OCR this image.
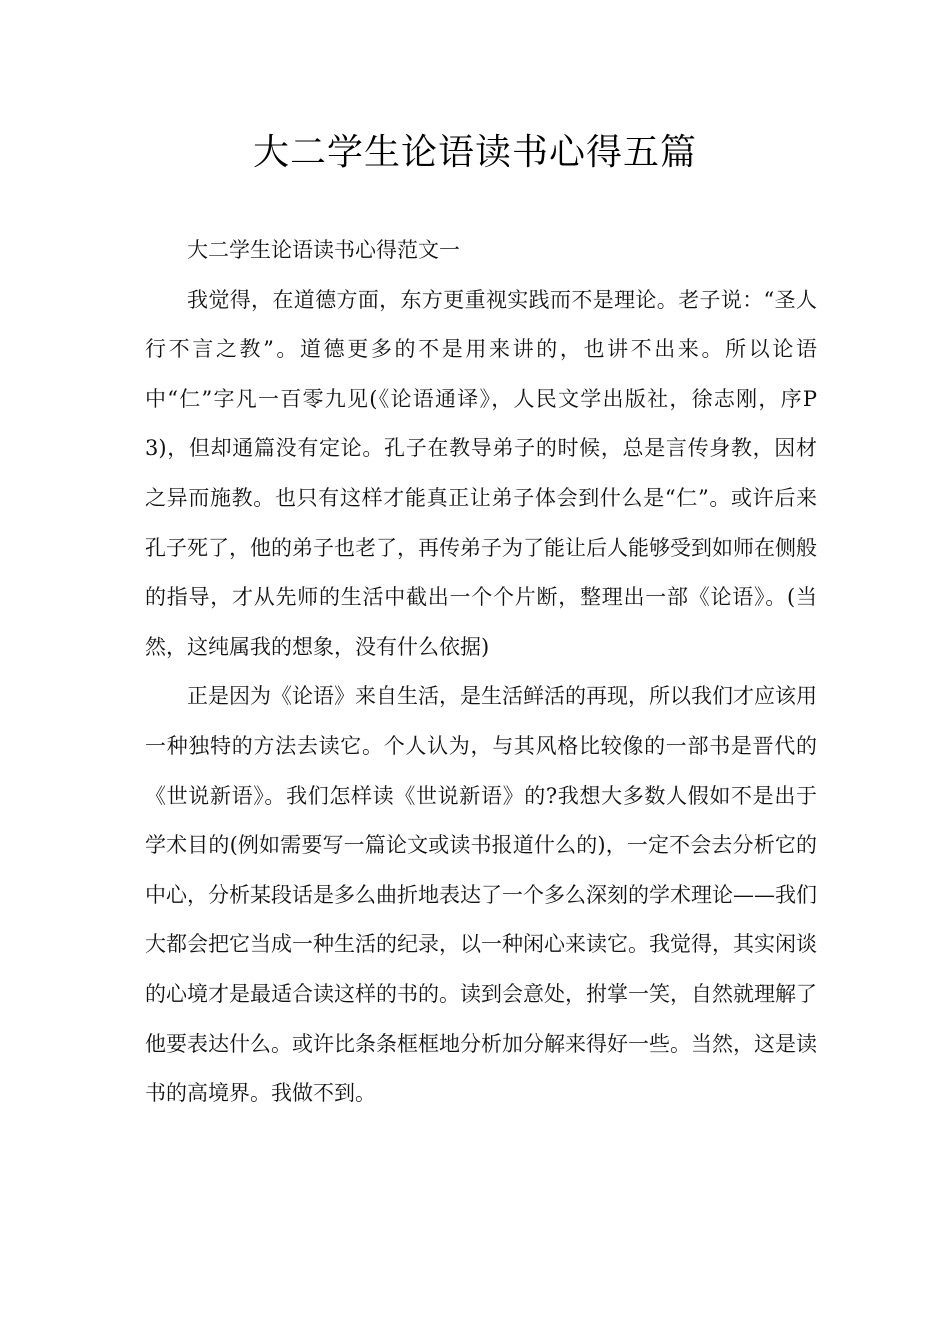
大二学生论语读书心得五篇

大二学生论语读书心得范文一

我觉得，在道德方面，东方更重视实践而不是理论。老子说：“圣人行不言之教”。道德更多的不是用来讲的，也讲不出来。所以论语中“仁”字凡一百零九见(《论语通译》，人民文学出版社，徐志刚，序P3)，但却通篇没有定论。孔子在教导弟子的时候，总是言传身教，因材之异而施教。也只有这样才能真正让弟子体会到什么是“仁”。或许后来孔子死了，他的弟子也老了，再传弟子为了能让后人能够受到如师在侧般的指导，才从先师的生活中截出一个个片断，整理出一部《论语》。(当然，这纯属我的想象，没有什么依据)

正是因为《论语》来自生活，是生活鲜活的再现，所以我们才应该用一种独特的方法去读它。个人认为，与其风格比较像的一部书是晋代的《世说新语》。我们怎样读《世说新语》的?我想大多数人假如不是出于学术目的(例如需要写一篇论文或读书报道什么的)，一定不会去分析它的中心，分析某段话是多么曲折地表达了一个多么深刻的学术理论——我们大都会把它当成一种生活的纪录，以一种闲心来读它。我觉得，其实闲谈的心境才是最适合读这样的书的。读到会意处，拊掌一笑，自然就理解了他要表达什么。或许比条条框框地分析加分解来得好一些。当然，这是读书的高境界。我做不到。
